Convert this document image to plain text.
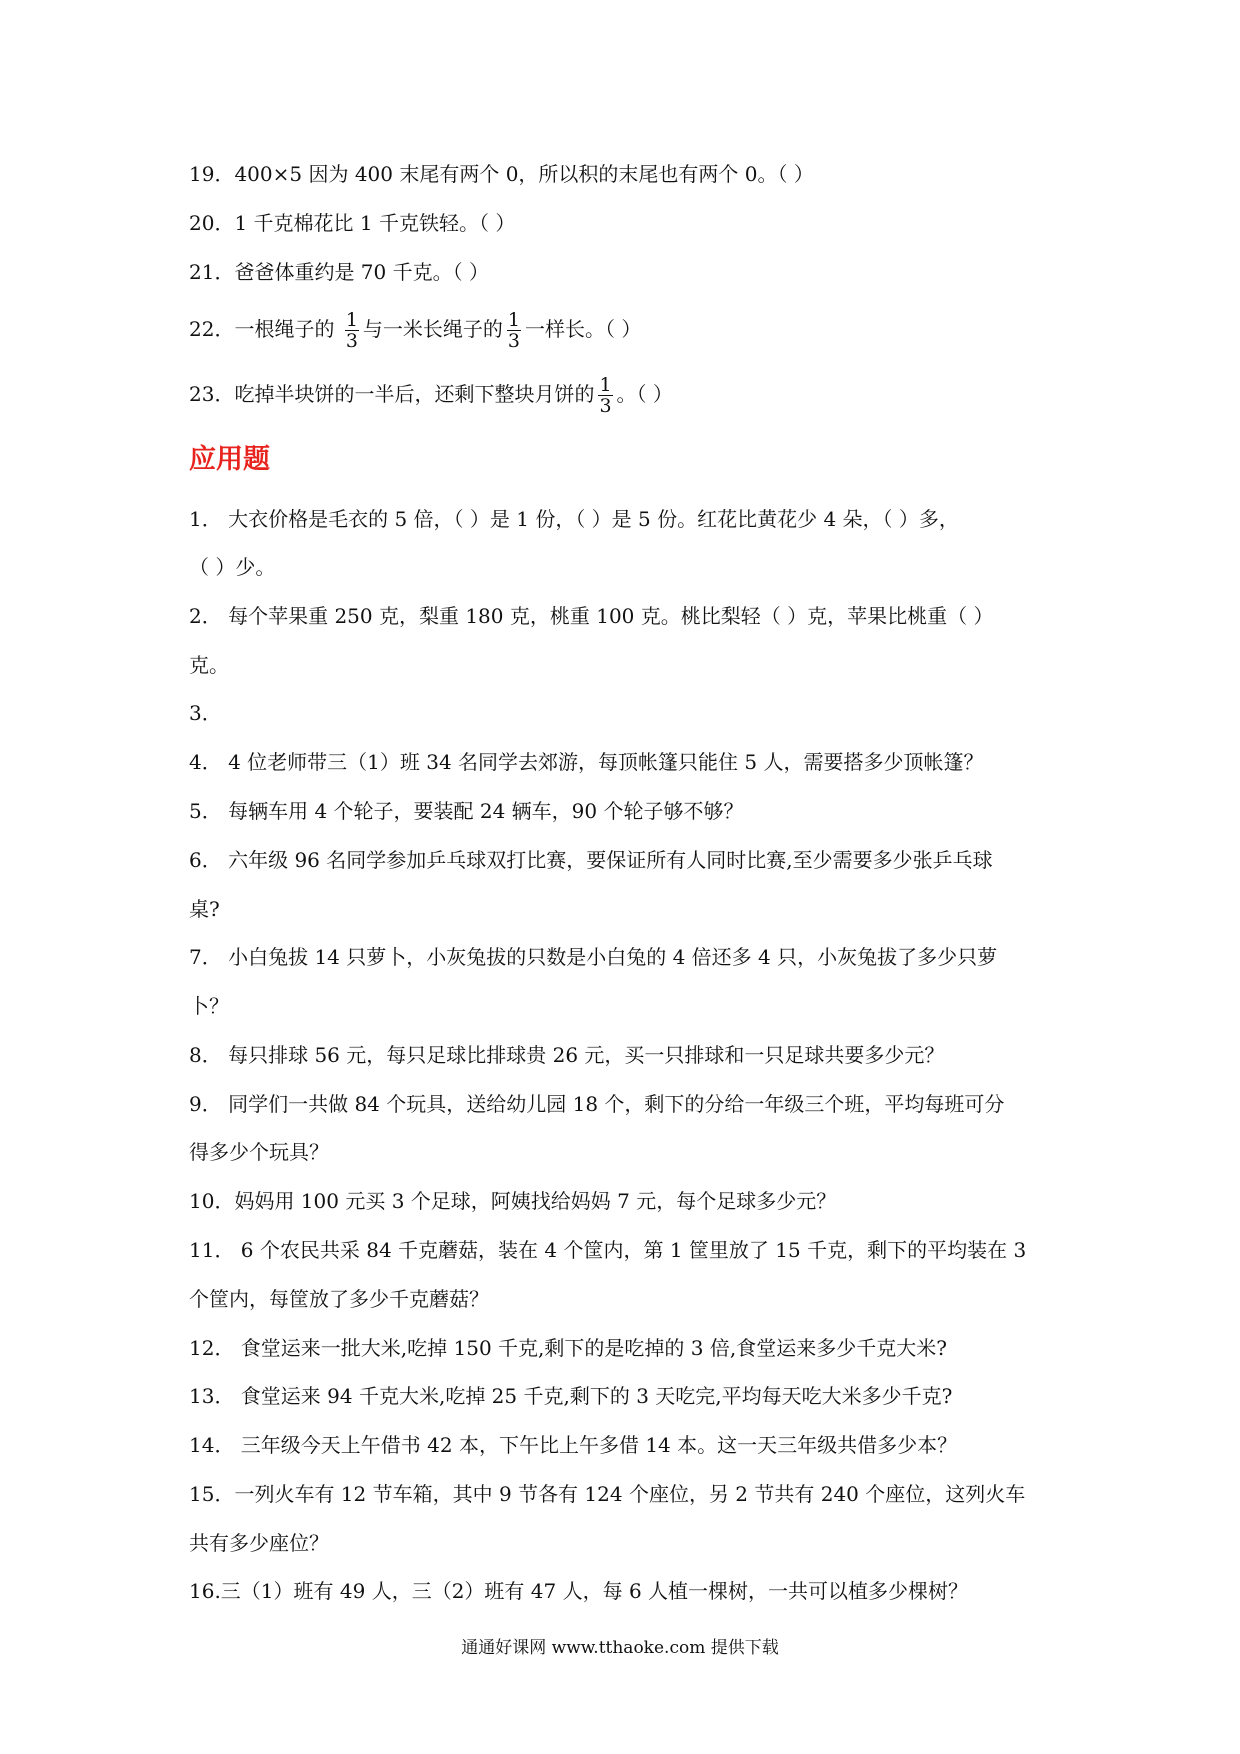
19．400×5 因为 400 末尾有两个 0，所以积的末尾也有两个 0。（ ）
20．1 千克棉花比 1 千克铁轻。（ ）
21．爸爸体重约是 70 千克。（ ）
22．一根绳子的 $\frac{1}{3}$ 与一米长绳子的 $\frac{1}{3}$ 一样长。（ ）
23．吃掉半块饼的一半后，还剩下整块月饼的 $\frac{1}{3}$ 。（ ）
应用题
1． 大衣价格是毛衣的 5 倍，（ ）是 1 份，（ ）是 5 份。红花比黄花少 4 朵，（ ）多，
（ ）少。
2． 每个苹果重 250 克，梨重 180 克，桃重 100 克。桃比梨轻（ ）克，苹果比桃重（ ）
克。
3．
4． 4 位老师带三（1）班 34 名同学去郊游，每顶帐篷只能住 5 人，需要搭多少顶帐篷？
5． 每辆车用 4 个轮子，要装配 24 辆车，90 个轮子够不够？
6． 六年级 96 名同学参加乒乓球双打比赛，要保证所有人同时比赛,至少需要多少张乒乓球
桌?
7． 小白兔拔 14 只萝卜，小灰兔拔的只数是小白兔的 4 倍还多 4 只，小灰兔拔了多少只萝
卜？
8． 每只排球 56 元，每只足球比排球贵 26 元，买一只排球和一只足球共要多少元？
9． 同学们一共做 84 个玩具，送给幼儿园 18 个，剩下的分给一年级三个班，平均每班可分
得多少个玩具？
10．妈妈用 100 元买 3 个足球，阿姨找给妈妈 7 元，每个足球多少元？
11． 6 个农民共采 84 千克蘑菇，装在 4 个筐内，第 1 筐里放了 15 千克，剩下的平均装在 3
个筐内，每筐放了多少千克蘑菇？
12． 食堂运来一批大米,吃掉 150 千克,剩下的是吃掉的 3 倍,食堂运来多少千克大米?
13． 食堂运来 94 千克大米,吃掉 25 千克,剩下的 3 天吃完,平均每天吃大米多少千克?
14． 三年级今天上午借书 42 本，下午比上午多借 14 本。这一天三年级共借多少本？
15．一列火车有 12 节车箱，其中 9 节各有 124 个座位，另 2 节共有 240 个座位，这列火车
共有多少座位？
16.三（1）班有 49 人，三（2）班有 47 人，每 6 人植一棵树，一共可以植多少棵树？
通通好课网 www.tthaoke.com 提供下载
